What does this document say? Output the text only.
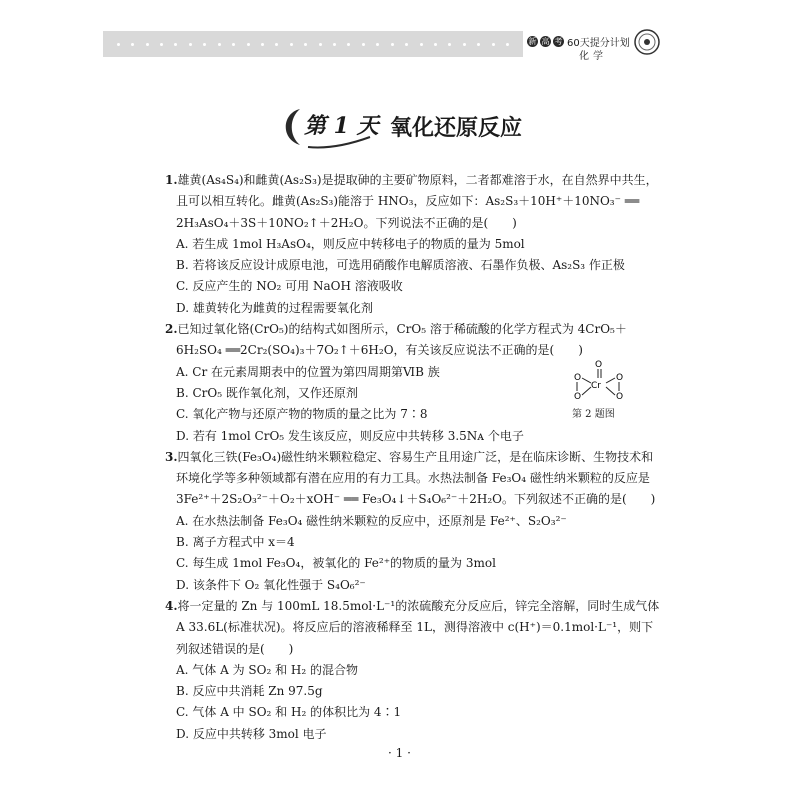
新 高 考 60天提分计划
化学
第 1 天 氧化还原反应
1.雄黄(As₄S₄)和雌黄(As₂S₃)是提取砷的主要矿物原料，二者都难溶于水，在自然界中共生，
且可以相互转化。雌黄(As₂S₃)能溶于 HNO₃，反应如下：As₂S₃＋10H⁺＋10NO₃⁻ ══
2H₃AsO₄＋3S＋10NO₂↑＋2H₂O。下列说法不正确的是(　　)
A. 若生成 1mol H₃AsO₄，则反应中转移电子的物质的量为 5mol
B. 若将该反应设计成原电池，可选用硝酸作电解质溶液、石墨作负极、As₂S₃ 作正极
C. 反应产生的 NO₂ 可用 NaOH 溶液吸收
D. 雄黄转化为雌黄的过程需要氧化剂
2.已知过氧化铬(CrO₅)的结构式如图所示，CrO₅ 溶于稀硫酸的化学方程式为 4CrO₅＋
6H₂SO₄ ══2Cr₂(SO₄)₃＋7O₂↑＋6H₂O，有关该反应说法不正确的是(　　)
A. Cr 在元素周期表中的位置为第四周期第ⅥB 族
B. CrO₅ 既作氧化剂，又作还原剂
C. 氧化产物与还原产物的物质的量之比为 7∶8
D. 若有 1mol CrO₅ 发生该反应，则反应中共转移 3.5Nᴀ 个电子
3.四氧化三铁(Fe₃O₄)磁性纳米颗粒稳定、容易生产且用途广泛，是在临床诊断、生物技术和
环境化学等多种领域都有潜在应用的有力工具。水热法制备 Fe₃O₄ 磁性纳米颗粒的反应是
3Fe²⁺＋2S₂O₃²⁻＋O₂＋xOH⁻ ══ Fe₃O₄↓＋S₄O₆²⁻＋2H₂O。下列叙述不正确的是(　　)
A. 在水热法制备 Fe₃O₄ 磁性纳米颗粒的反应中，还原剂是 Fe²⁺、S₂O₃²⁻
B. 离子方程式中 x＝4
C. 每生成 1mol Fe₃O₄，被氧化的 Fe²⁺的物质的量为 3mol
D. 该条件下 O₂ 氧化性强于 S₄O₆²⁻
4.将一定量的 Zn 与 100mL 18.5mol·L⁻¹的浓硫酸充分反应后，锌完全溶解，同时生成气体
A 33.6L(标准状况)。将反应后的溶液稀释至 1L，测得溶液中 c(H⁺)＝0.1mol·L⁻¹，则下
列叙述错误的是(　　)
A. 气体 A 为 SO₂ 和 H₂ 的混合物
B. 反应中共消耗 Zn 97.5g
C. 气体 A 中 SO₂ 和 H₂ 的体积比为 4∶1
D. 反应中共转移 3mol 电子
O
Cr
O
O
O
O
第 2 题图
· 1 ·
